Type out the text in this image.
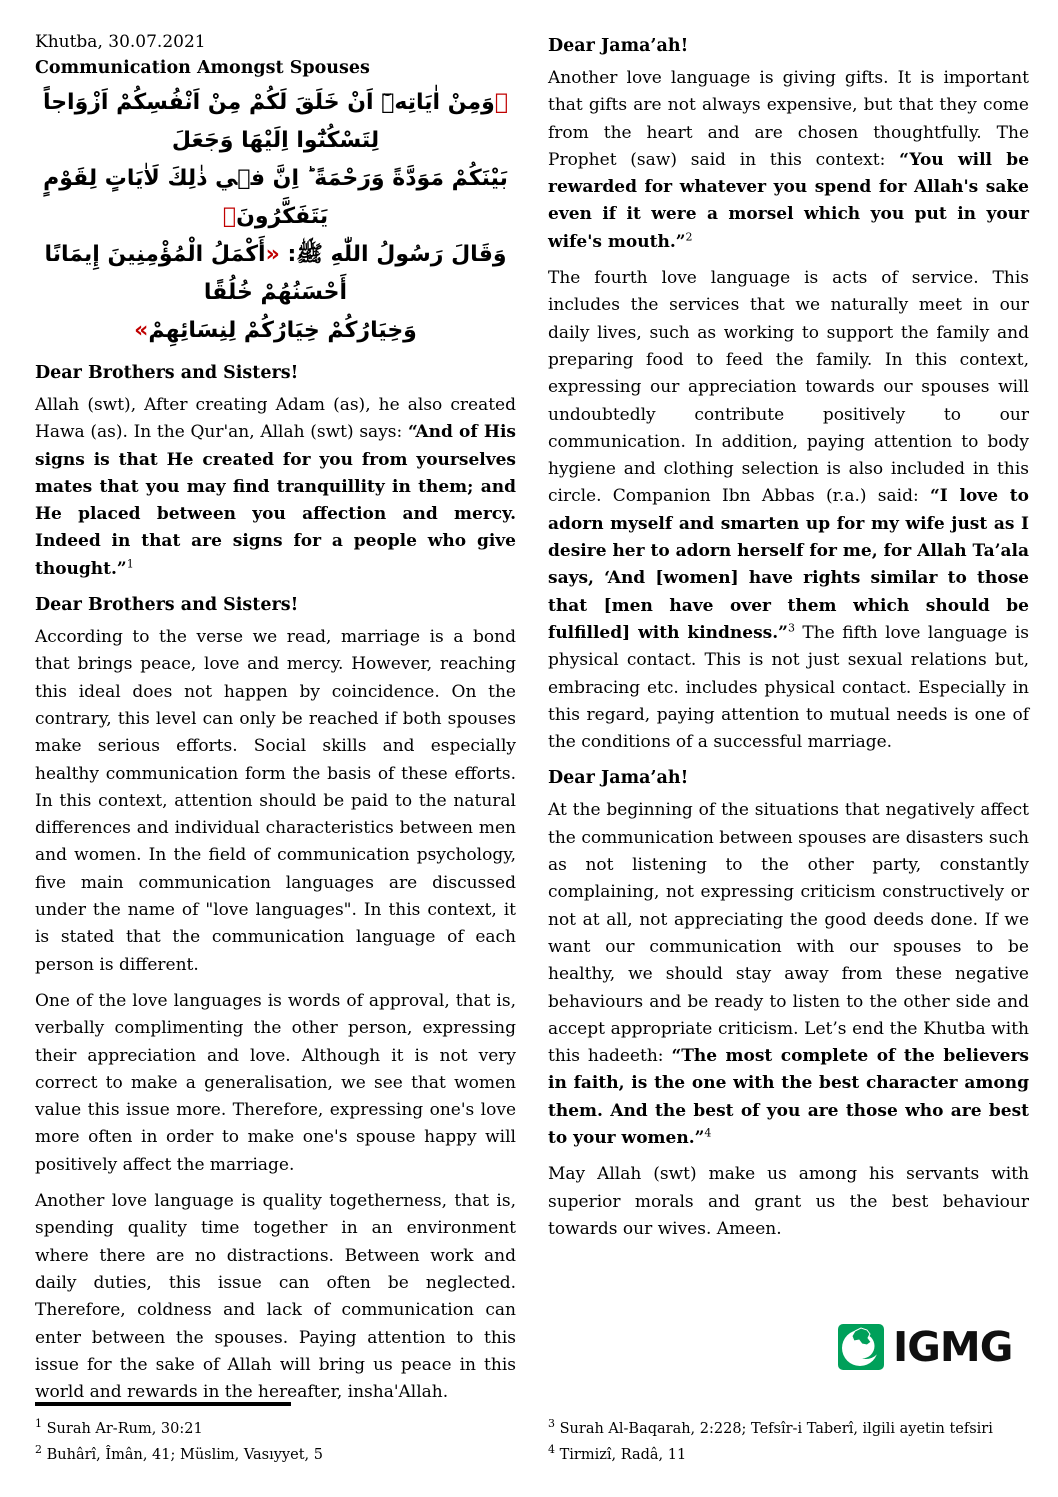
Khutba, 30.07.2021
Communication Amongst Spouses
﴿وَمِنْ اٰيَاتِهٖٓ اَنْ خَلَقَ لَكُمْ مِنْ اَنْفُسِكُمْ اَزْوَاجاً لِتَسْكُنُٓوا اِلَيْهَا وَجَعَلَ
بَيْنَكُمْ مَوَدَّةً وَرَحْمَةً ؕ اِنَّ فٖي ذٰلِكَ لَاٰيَاتٍ لِقَوْمٍ يَتَفَكَّرُونَ﴾
وَقَالَ رَسُولُ اللّٰهِ ﷺ: «أَكْمَلُ الْمُؤْمِنِينَ إِيمَانًا أَحْسَنُهُمْ خُلُقًا
وَخِيَارُكُمْ خِيَارُكُمْ لِنِسَائِهِمْ»
Dear Brothers and Sisters!

Allah (swt), After creating Adam (as), he also created Hawa (as). In the Qur'an, Allah (swt) says: “And of His signs is that He created for you from yourselves mates that you may find tranquillity in them; and He placed between you affection and mercy. Indeed in that are signs for a people who give thought.”$^1$

Dear Brothers and Sisters!

According to the verse we read, marriage is a bond that brings peace, love and mercy. However, reaching this ideal does not happen by coincidence. On the contrary, this level can only be reached if both spouses make serious efforts. Social skills and especially healthy communication form the basis of these efforts. In this context, attention should be paid to the natural differences and individual characteristics between men and women. In the field of communication psychology, five main communication languages are discussed under the name of "love languages". In this context, it is stated that the communication language of each person is different.

One of the love languages is words of approval, that is, verbally complimenting the other person, expressing their appreciation and love. Although it is not very correct to make a generalisation, we see that women value this issue more. Therefore, expressing one's love more often in order to make one's spouse happy will positively affect the marriage.

Another love language is quality togetherness, that is, spending quality time together in an environment where there are no distractions. Between work and daily duties, this issue can often be neglected. Therefore, coldness and lack of communication can enter between the spouses. Paying attention to this issue for the sake of Allah will bring us peace in this world and rewards in the hereafter, insha'Allah.

Dear Jama’ah!

Another love language is giving gifts. It is important that gifts are not always expensive, but that they come from the heart and are chosen thoughtfully. The Prophet (saw) said in this context: “You will be rewarded for whatever you spend for Allah's sake even if it were a morsel which you put in your wife's mouth.”$^2$

The fourth love language is acts of service. This includes the services that we naturally meet in our daily lives, such as working to support the family and preparing food to feed the family. In this context, expressing our appreciation towards our spouses will undoubtedly contribute positively to our communication. In addition, paying attention to body hygiene and clothing selection is also included in this circle. Companion Ibn Abbas (r.a.) said: “I love to adorn myself and smarten up for my wife just as I desire her to adorn herself for me, for Allah Ta’ala says, ‘And [women] have rights similar to those that [men have over them which should be fulfilled] with kindness.”$^3$ The fifth love language is physical contact. This is not just sexual relations but, embracing etc. includes physical contact. Especially in this regard, paying attention to mutual needs is one of the conditions of a successful marriage.

Dear Jama’ah!

At the beginning of the situations that negatively affect the communication between spouses are disasters such as not listening to the other party, constantly complaining, not expressing criticism constructively or not at all, not appreciating the good deeds done. If we want our communication with our spouses to be healthy, we should stay away from these negative behaviours and be ready to listen to the other side and accept appropriate criticism. Let’s end the Khutba with this hadeeth: “The most complete of the believers in faith, is the one with the best character among them. And the best of you are those who are best to your women.”$^4$

May Allah (swt) make us among his servants with superior morals and grant us the best behaviour towards our wives. Ameen.

$^1$ Surah Ar-Rum, 30:21
$^2$ Buhârî, Îmân, 41; Müslim, Vasıyyet, 5
$^3$ Surah Al-Baqarah, 2:228; Tefsîr-i Taberî, ilgili ayetin tefsiri
$^4$ Tirmizî, Radâ, 11
IGMG
